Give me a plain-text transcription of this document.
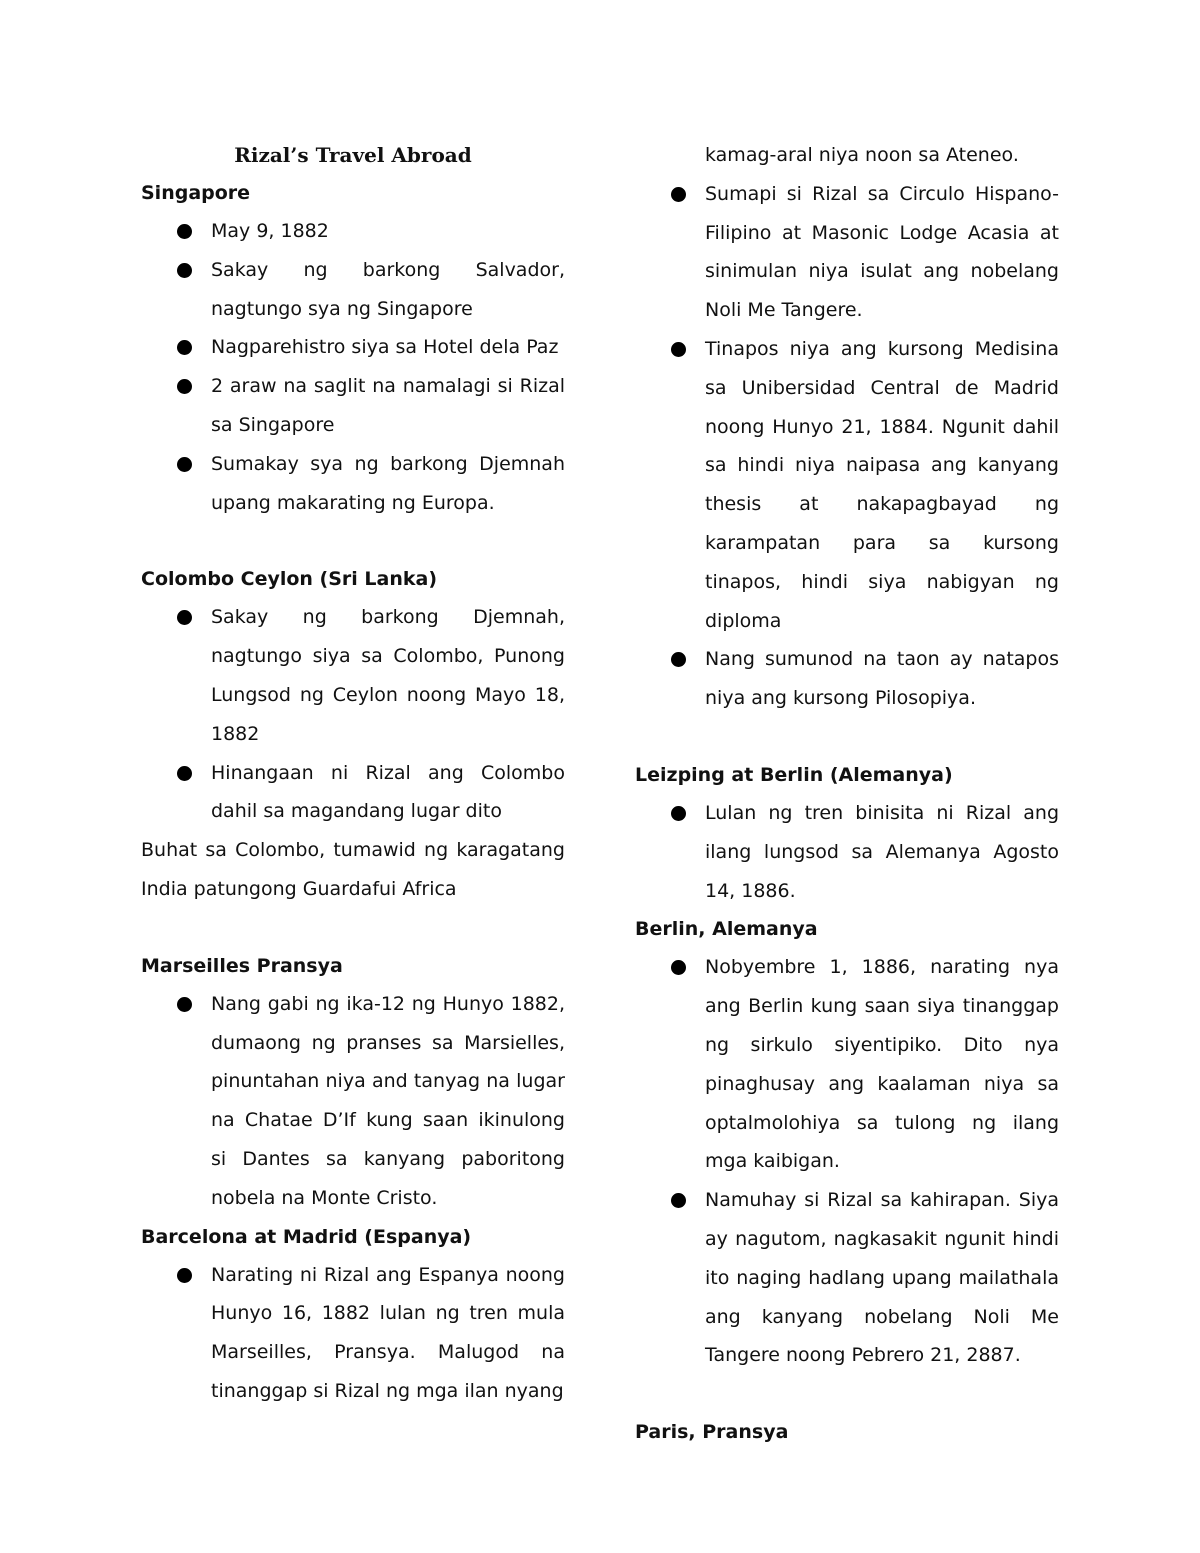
Rizal’s Travel Abroad
Singapore
May 9, 1882
Sakay ng barkong Salvador, nagtungo sya ng Singapore
Nagparehistro siya sa Hotel dela Paz
2 araw na saglit na namalagi si Rizal sa Singapore
Sumakay sya ng barkong Djemnah upang makarating ng Europa.
Colombo Ceylon (Sri Lanka)
Sakay ng barkong Djemnah, nagtungo siya sa Colombo, Punong Lungsod ng Ceylon noong Mayo 18, 1882
Hinangaan ni Rizal ang Colombo dahil sa magandang lugar dito

Buhat sa Colombo, tumawid ng karagatang India patungong Guardafui Africa

Marseilles Pransya
Nang gabi ng ika-12 ng Hunyo 1882, dumaong ng pranses sa Marsielles, pinuntahan niya and tanyag na lugar na Chatae D’If kung saan ikinulong si Dantes sa kanyang paboritong nobela na Monte Cristo.
Barcelona at Madrid (Espanya)
Narating ni Rizal ang Espanya noong Hunyo 16, 1882 lulan ng tren mula Marseilles, Pransya. Malugod na tinanggap si Rizal ng mga ilan nyang

kamag-aral niya noon sa Ateneo.

Sumapi si Rizal sa Circulo Hispano-Filipino at Masonic Lodge Acasia at sinimulan niya isulat ang nobelang Noli Me Tangere.
Tinapos niya ang kursong Medisina sa Unibersidad Central de Madrid noong Hunyo 21, 1884. Ngunit dahil sa hindi niya naipasa ang kanyang thesis at nakapagbayad ng karampatan para sa kursong tinapos, hindi siya nabigyan ng diploma
Nang sumunod na taon ay natapos niya ang kursong Pilosopiya.
Leizping at Berlin (Alemanya)
Lulan ng tren binisita ni Rizal ang ilang lungsod sa Alemanya Agosto 14, 1886.
Berlin, Alemanya
Nobyembre 1, 1886, narating nya ang Berlin kung saan siya tinanggap ng sirkulo siyentipiko. Dito nya pinaghusay ang kaalaman niya sa optalmolohiya sa tulong ng ilang mga kaibigan.
Namuhay si Rizal sa kahirapan. Siya ay nagutom, nagkasakit ngunit hindi ito naging hadlang upang mailathala ang kanyang nobelang Noli Me Tangere noong Pebrero 21, 2887.
Paris, Pransya
